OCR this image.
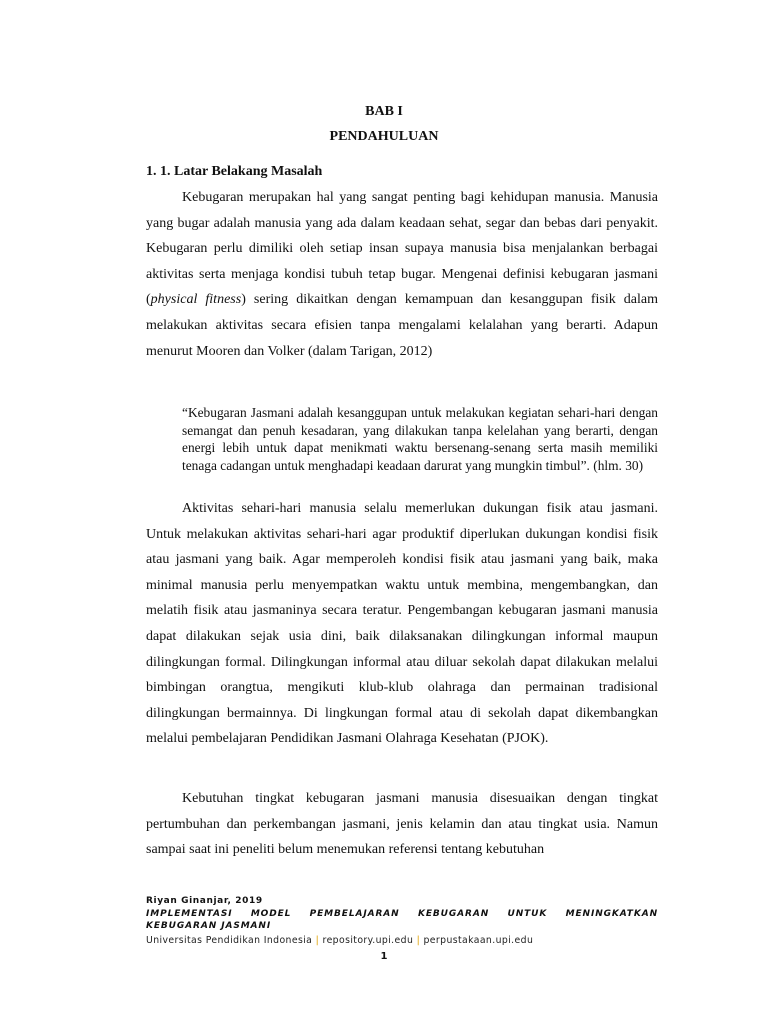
BAB I
PENDAHULUAN
1. 1. Latar Belakang Masalah
Kebugaran merupakan hal yang sangat penting bagi kehidupan manusia. Manusia yang bugar adalah manusia yang ada dalam keadaan sehat, segar dan bebas dari penyakit. Kebugaran perlu dimiliki oleh setiap insan supaya manusia bisa menjalankan berbagai aktivitas serta menjaga kondisi tubuh tetap bugar. Mengenai definisi kebugaran jasmani (physical fitness) sering dikaitkan dengan kemampuan dan kesanggupan fisik dalam melakukan aktivitas secara efisien tanpa mengalami kelalahan yang berarti. Adapun menurut Mooren dan Volker (dalam Tarigan, 2012)
“Kebugaran Jasmani adalah kesanggupan untuk melakukan kegiatan sehari-hari dengan semangat dan penuh kesadaran, yang dilakukan tanpa kelelahan yang berarti, dengan energi lebih untuk dapat menikmati waktu bersenang-senang serta masih memiliki tenaga cadangan untuk menghadapi keadaan darurat yang mungkin timbul”. (hlm. 30)
Aktivitas sehari-hari manusia selalu memerlukan dukungan fisik atau jasmani. Untuk melakukan aktivitas sehari-hari agar produktif diperlukan dukungan kondisi fisik atau jasmani yang baik. Agar memperoleh kondisi fisik atau jasmani yang baik, maka minimal manusia perlu menyempatkan waktu untuk membina, mengembangkan, dan melatih fisik atau jasmaninya secara teratur. Pengembangan kebugaran jasmani manusia dapat dilakukan sejak usia dini, baik dilaksanakan dilingkungan informal maupun dilingkungan formal. Dilingkungan informal atau diluar sekolah dapat dilakukan melalui bimbingan orangtua, mengikuti klub-klub olahraga dan permainan tradisional dilingkungan bermainnya. Di lingkungan formal atau di sekolah dapat dikembangkan melalui pembelajaran Pendidikan Jasmani Olahraga Kesehatan (PJOK).
Kebutuhan tingkat kebugaran jasmani manusia disesuaikan dengan tingkat pertumbuhan dan perkembangan jasmani, jenis kelamin dan atau tingkat usia. Namun sampai saat ini peneliti belum menemukan referensi tentang kebutuhan
Riyan Ginanjar, 2019
IMPLEMENTASI MODEL PEMBELAJARAN KEBUGARAN UNTUK MENINGKATKAN KEBUGARAN JASMANI
Universitas Pendidikan Indonesia | repository.upi.edu | perpustakaan.upi.edu
1
